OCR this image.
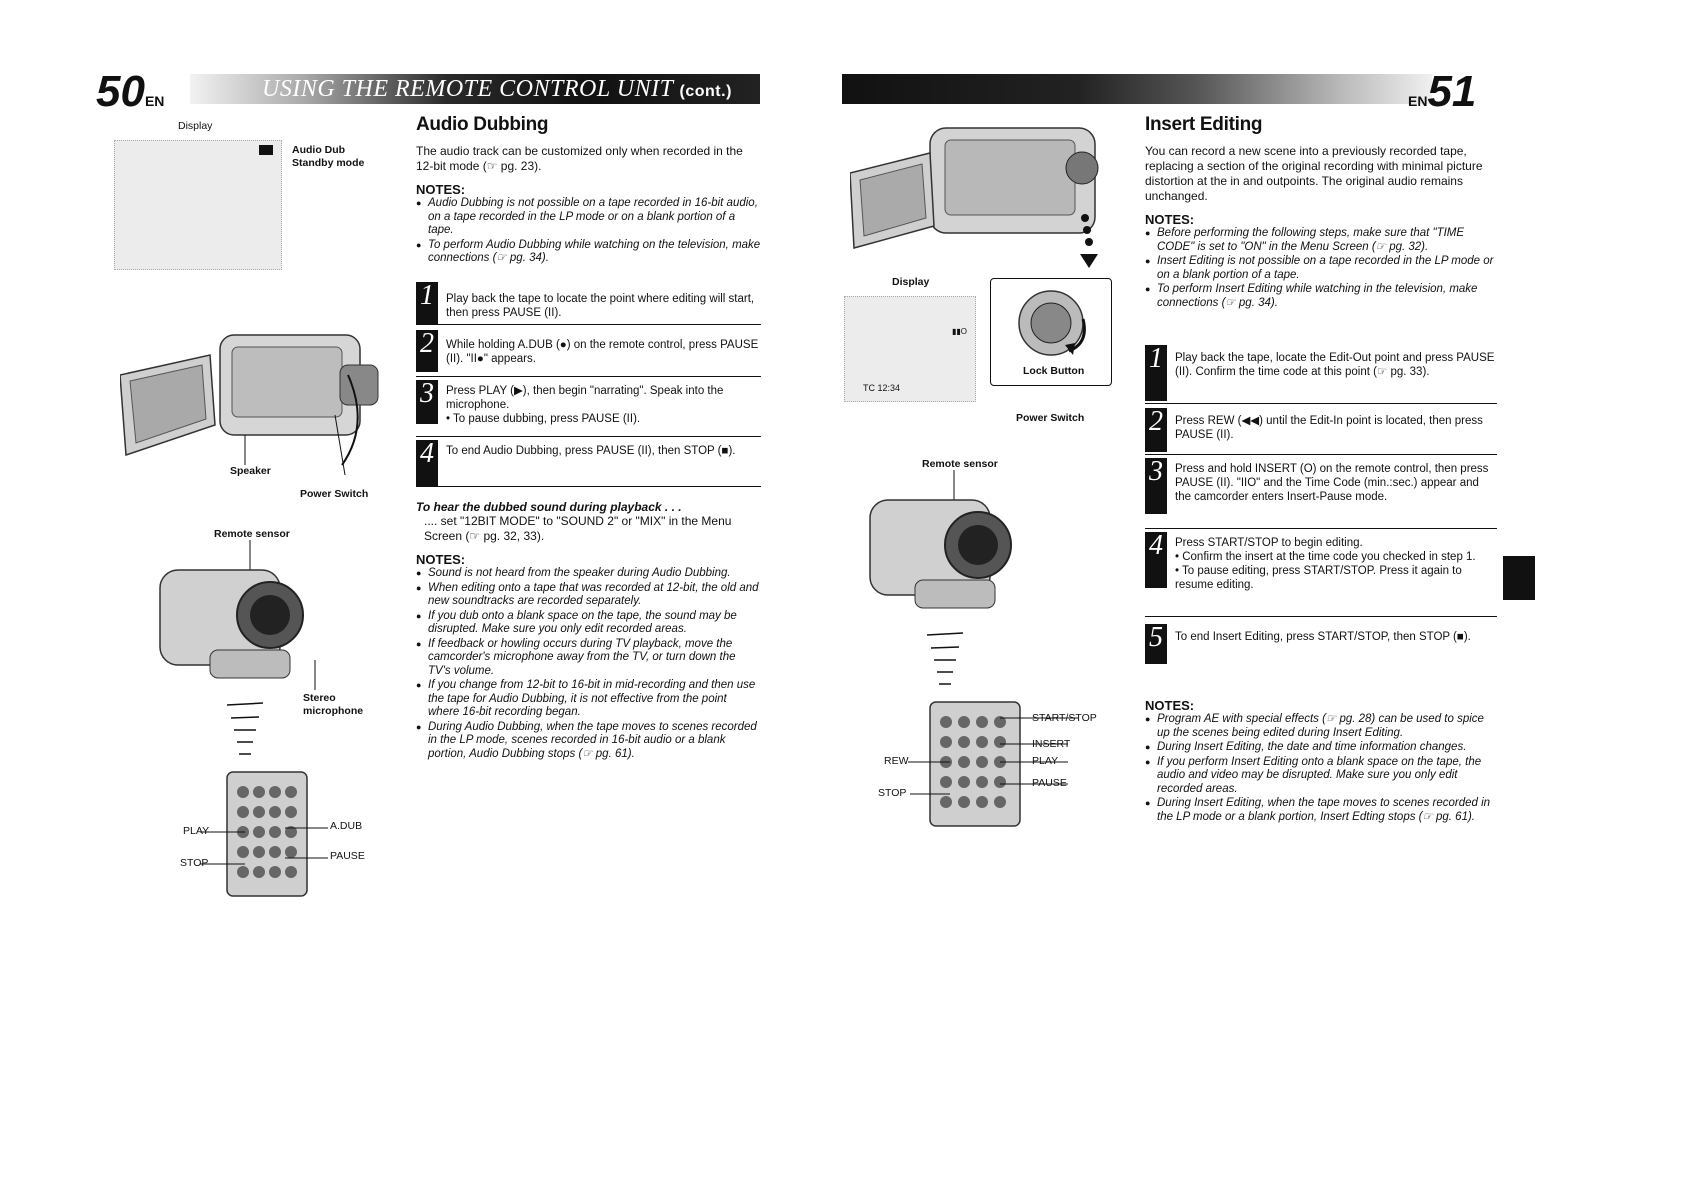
50EN	USING THE REMOTE CONTROL UNIT (cont.)
Display
Audio Dub Standby mode
Speaker
Power Switch
Remote sensor
Stereo microphone
PLAY
STOP
A.DUB
PAUSE
Audio Dubbing
The audio track can be customized only when recorded in the 12-bit mode (☞ pg. 23).

NOTES:

● Audio Dubbing is not possible on a tape recorded in 16-bit audio, on a tape recorded in the LP mode or on a blank portion of a tape.
● To perform Audio Dubbing while watching on the television, make connections (☞ pg. 34).
1	Play back the tape to locate the point where editing will start, then press PAUSE (II).
2	While holding A.DUB (●) on the remote control, press PAUSE (II). "II●" appears.
3	Press PLAY (▶), then begin "narrating". Speak into the microphone.
• To pause dubbing, press PAUSE (II).
4	To end Audio Dubbing, press PAUSE (II), then STOP (■).
To hear the dubbed sound during playback . . .
.... set "12BIT MODE" to "SOUND 2" or "MIX" in the Menu Screen (☞ pg. 32, 33).

NOTES:

● Sound is not heard from the speaker during Audio Dubbing.
● When editing onto a tape that was recorded at 12-bit, the old and new soundtracks are recorded separately.
● If you dub onto a blank space on the tape, the sound may be disrupted. Make sure you only edit recorded areas.
● If feedback or howling occurs during TV playback, move the camcorder's microphone away from the TV, or turn down the TV's volume.
● If you change from 12-bit to 16-bit in mid-recording and then use the tape for Audio Dubbing, it is not effective from the point where 16-bit recording began.
● During Audio Dubbing, when the tape moves to scenes recorded in the LP mode, scenes recorded in 16-bit audio or a blank portion, Audio Dubbing stops (☞ pg. 61).
EN51
Display
▮▮O
TC 12:34
Lock Button
Power Switch
Remote sensor
START/STOP
INSERT
PLAY
PAUSE
REW
STOP
Insert Editing
You can record a new scene into a previously recorded tape, replacing a section of the original recording with minimal picture distortion at the in and outpoints. The original audio remains unchanged.

NOTES:

● Before performing the following steps, make sure that "TIME CODE" is set to "ON" in the Menu Screen (☞ pg. 32).
● Insert Editing is not possible on a tape recorded in the LP mode or on a blank portion of a tape.
● To perform Insert Editing while watching in the television, make connections (☞ pg. 34).
1	Play back the tape, locate the Edit-Out point and press PAUSE (II). Confirm the time code at this point (☞ pg. 33).
2	Press REW (◀◀) until the Edit-In point is located, then press PAUSE (II).
3	Press and hold INSERT (O) on the remote control, then press PAUSE (II). "IIO" and the Time Code (min.:sec.) appear and the camcorder enters Insert-Pause mode.
4	Press START/STOP to begin editing.
• Confirm the insert at the time code you checked in step 1.
• To pause editing, press START/STOP. Press it again to resume editing.
5	To end Insert Editing, press START/STOP, then STOP (■).

NOTES:

● Program AE with special effects (☞ pg. 28) can be used to spice up the scenes being edited during Insert Editing.
● During Insert Editing, the date and time information changes.
● If you perform Insert Editing onto a blank space on the tape, the audio and video may be disrupted. Make sure you only edit recorded areas.
● During Insert Editing, when the tape moves to scenes recorded in the LP mode or a blank portion, Insert Edting stops (☞ pg. 61).
